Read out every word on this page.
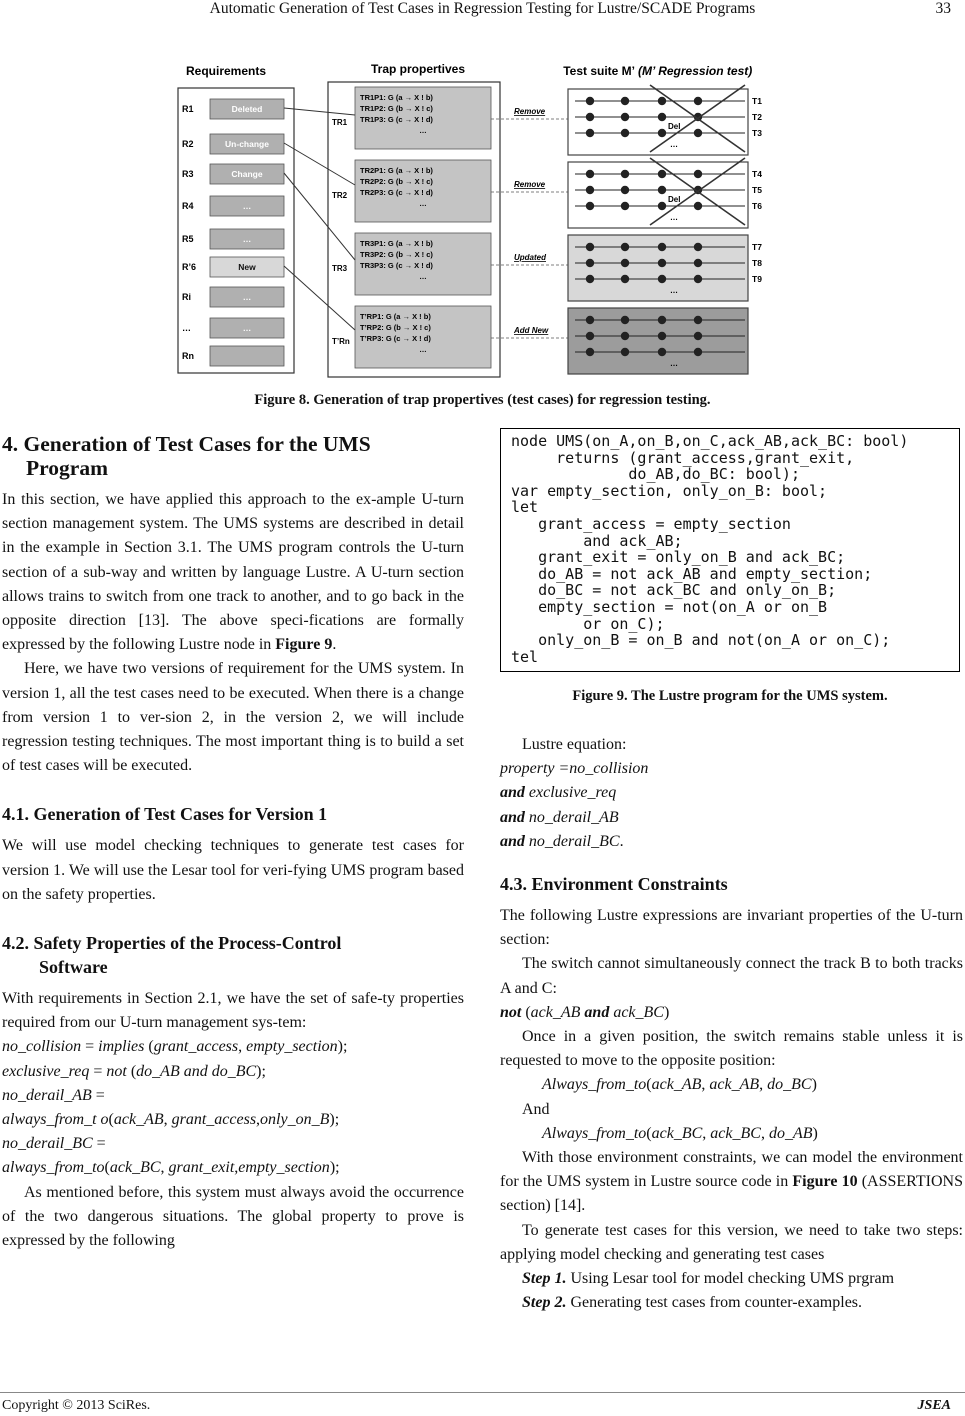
Automatic Generation of Test Cases in Regression Testing for Lustre/SCADE Programs	33
Requirements	Trap propertives	Test suite M’ (M’ Regression test)
R1	Deleted
R2	Un-change
R3	Change
R4	…
R5	…
R’6	New
Ri	…
…	…
Rn
TR1
TR1P1: G (a → X ! b)
TR1P2: G (b → X ! c)
TR1P3: G (c → X ! d)
…
TR2
TR2P1: G (a → X ! b)
TR2P2: G (b → X ! c)
TR2P3: G (c → X ! d)
…
TR3
TR3P1: G (a → X ! b)
TR3P2: G (b → X ! c)
TR3P3: G (c → X ! d)
…
T’Rn
T’RP1: G (a → X ! b)
T’RP2: G (b → X ! c)
T’RP3: G (c → X ! d)
…
Remove
T1
T2
T3
Del
…
Remove
T4
T5
T6
Del
…
Updated
T7
T8
T9
…
Add New
…
Figure 8. Generation of trap propertives (test cases) for regression testing.
4. Generation of Test Cases for the UMS
Program

In this section, we have applied this approach to the ex-ample U-turn section management system. The UMS systems are described in detail in the example in Section 3.1. The UMS program controls the U-turn section of a sub-way and written by language Lustre. A U-turn section allows trains to switch from one track to another, and to go back in the opposite direction [13]. The above speci-fications are formally expressed by the following Lustre node in Figure 9.

Here, we have two versions of requirement for the UMS system. In version 1, all the test cases need to be executed. When there is a change from version 1 to ver-sion 2, in the version 2, we will include regression testing techniques. The most important thing is to build a set of test cases will be executed.

4.1. Generation of Test Cases for Version 1

We will use model checking techniques to generate test cases for version 1. We will use the Lesar tool for veri-fying UMS program based on the safety properties.

4.2. Safety Properties of the Process-Control
Software

With requirements in Section 2.1, we have the set of safe-ty properties required from our U-turn management sys-tem:

no_collision = implies (grant_access, empty_section);
exclusive_req = not (do_AB and do_BC);
no_derail_AB =
always_from_t o(ack_AB, grant_access,only_on_B);
no_derail_BC =
always_from_to(ack_BC, grant_exit,empty_section);

As mentioned before, this system must always avoid the occurrence of the two dangerous situations. The global property to prove is expressed by the following

node UMS(on_A,on_B,on_C,ack_AB,ack_BC: bool)
returns (grant_access,grant_exit,
do_AB,do_BC: bool);
var empty_section, only_on_B: bool;
let
grant_access = empty_section
and ack_AB;
grant_exit = only_on_B and ack_BC;
do_AB = not ack_AB and empty_section;
do_BC = not ack_BC and only_on_B;
empty_section = not(on_A or on_B
or on_C);
only_on_B = on_B and not(on_A or on_C);
tel
Figure 9. The Lustre program for the UMS system.

Lustre equation:

property =no_collision
and exclusive_req
and no_derail_AB
and no_derail_BC.
4.3. Environment Constraints

The following Lustre expressions are invariant properties of the U-turn section:

The switch cannot simultaneously connect the track B to both tracks A and C:

not (ack_AB and ack_BC)

Once in a given position, the switch remains stable unless it is requested to move to the opposite position:

Always_from_to(ack_AB, ack_AB, do_BC)
And
Always_from_to(ack_BC, ack_BC, do_AB)

With those environment constraints, we can model the environment for the UMS system in Lustre source code in Figure 10 (ASSERTIONS section) [14].

To generate test cases for this version, we need to take two steps: applying model checking and generating test cases

Step 1. Using Lesar tool for model checking UMS prgram

Step 2. Generating test cases from counter-examples.

Copyright © 2013 SciRes.	JSEA
